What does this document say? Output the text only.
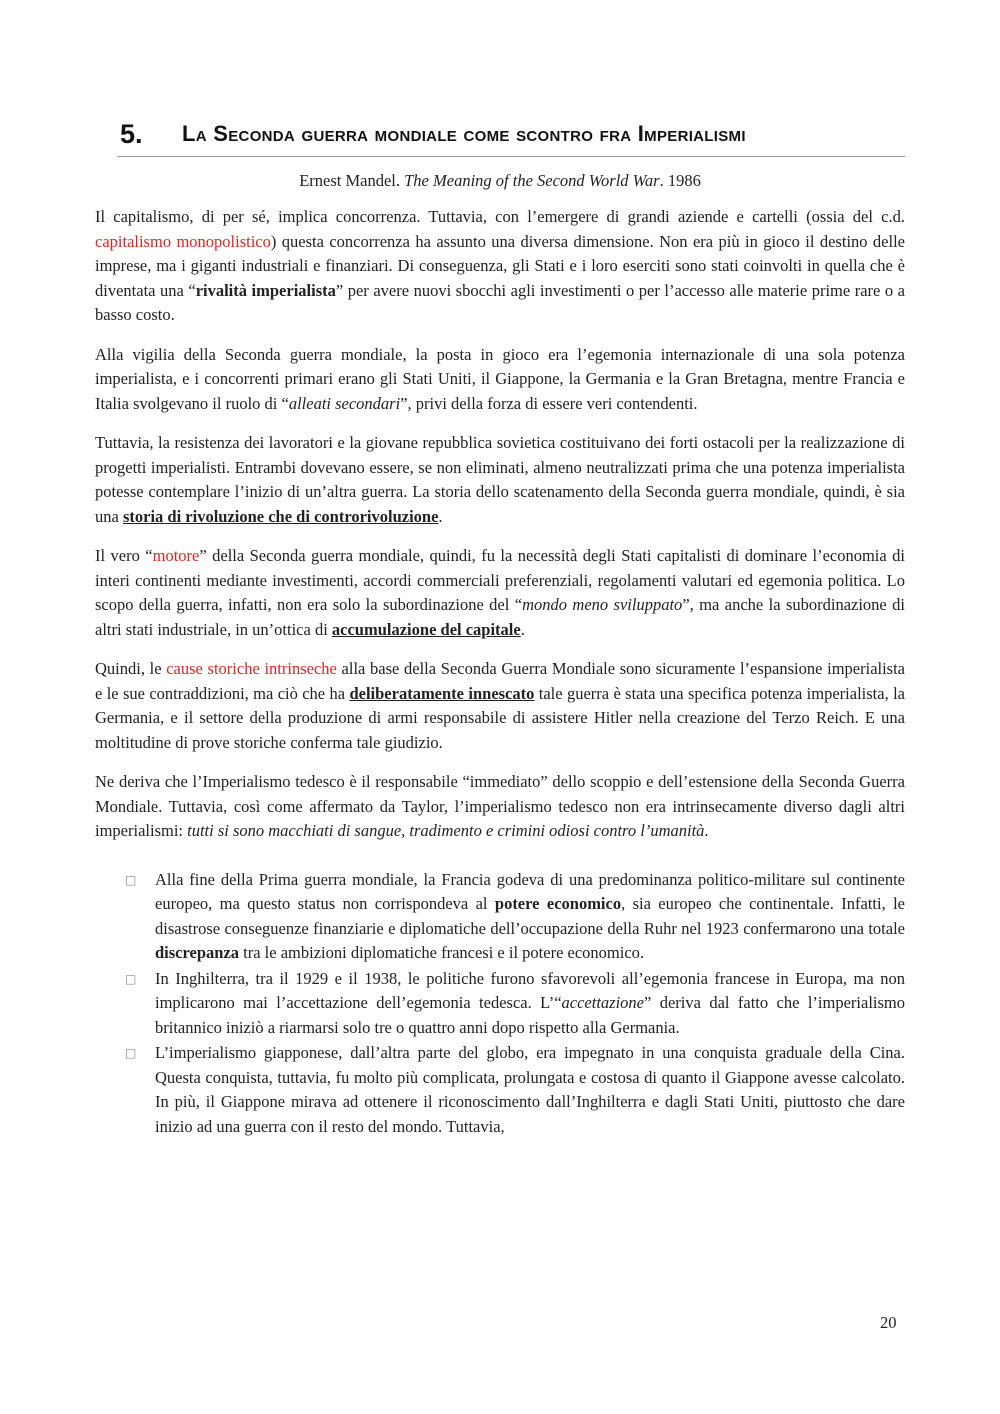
5.	La Seconda guerra mondiale come scontro fra Imperialismi
Ernest Mandel. The Meaning of the Second World War. 1986

Il capitalismo, di per sé, implica concorrenza. Tuttavia, con l’emergere di grandi aziende e cartelli (ossia del c.d. capitalismo monopolistico) questa concorrenza ha assunto una diversa dimensione. Non era più in gioco il destino delle imprese, ma i giganti industriali e finanziari. Di conseguenza, gli Stati e i loro eserciti sono stati coinvolti in quella che è diventata una “rivalità imperialista” per avere nuovi sbocchi agli investimenti o per l’accesso alle materie prime rare o a basso costo.

Alla vigilia della Seconda guerra mondiale, la posta in gioco era l’egemonia internazionale di una sola potenza imperialista, e i concorrenti primari erano gli Stati Uniti, il Giappone, la Germania e la Gran Bretagna, mentre Francia e Italia svolgevano il ruolo di “alleati secondari”, privi della forza di essere veri contendenti.

Tuttavia, la resistenza dei lavoratori e la giovane repubblica sovietica costituivano dei forti ostacoli per la realizzazione di progetti imperialisti. Entrambi dovevano essere, se non eliminati, almeno neutralizzati prima che una potenza imperialista potesse contemplare l’inizio di un’altra guerra. La storia dello scatenamento della Seconda guerra mondiale, quindi, è sia una storia di rivoluzione che di controrivoluzione.

Il vero “motore” della Seconda guerra mondiale, quindi, fu la necessità degli Stati capitalisti di dominare l’economia di interi continenti mediante investimenti, accordi commerciali preferenziali, regolamenti valutari ed egemonia politica. Lo scopo della guerra, infatti, non era solo la subordinazione del “mondo meno sviluppato”, ma anche la subordinazione di altri stati industriale, in un’ottica di accumulazione del capitale.

Quindi, le cause storiche intrinseche alla base della Seconda Guerra Mondiale sono sicuramente l’espansione imperialista e le sue contraddizioni, ma ciò che ha deliberatamente innescato tale guerra è stata una specifica potenza imperialista, la Germania, e il settore della produzione di armi responsabile di assistere Hitler nella creazione del Terzo Reich. E una moltitudine di prove storiche conferma tale giudizio.

Ne deriva che l’Imperialismo tedesco è il responsabile “immediato” dello scoppio e dell’estensione della Seconda Guerra Mondiale. Tuttavia, così come affermato da Taylor, l’imperialismo tedesco non era intrinsecamente diverso dagli altri imperialismi: tutti si sono macchiati di sangue, tradimento e crimini odiosi contro l’umanità.

□	Alla fine della Prima guerra mondiale, la Francia godeva di una predominanza politico-militare sul continente europeo, ma questo status non corrispondeva al potere economico, sia europeo che continentale. Infatti, le disastrose conseguenze finanziarie e diplomatiche dell’occupazione della Ruhr nel 1923 confermarono una totale discrepanza tra le ambizioni diplomatiche francesi e il potere economico.
□	In Inghilterra, tra il 1929 e il 1938, le politiche furono sfavorevoli all’egemonia francese in Europa, ma non implicarono mai l’accettazione dell’egemonia tedesca. L’“accettazione” deriva dal fatto che l’imperialismo britannico iniziò a riarmarsi solo tre o quattro anni dopo rispetto alla Germania.
□	L’imperialismo giapponese, dall’altra parte del globo, era impegnato in una conquista graduale della Cina. Questa conquista, tuttavia, fu molto più complicata, prolungata e costosa di quanto il Giappone avesse calcolato. In più, il Giappone mirava ad ottenere il riconoscimento dall’Inghilterra e dagli Stati Uniti, piuttosto che dare inizio ad una guerra con il resto del mondo. Tuttavia,
20
